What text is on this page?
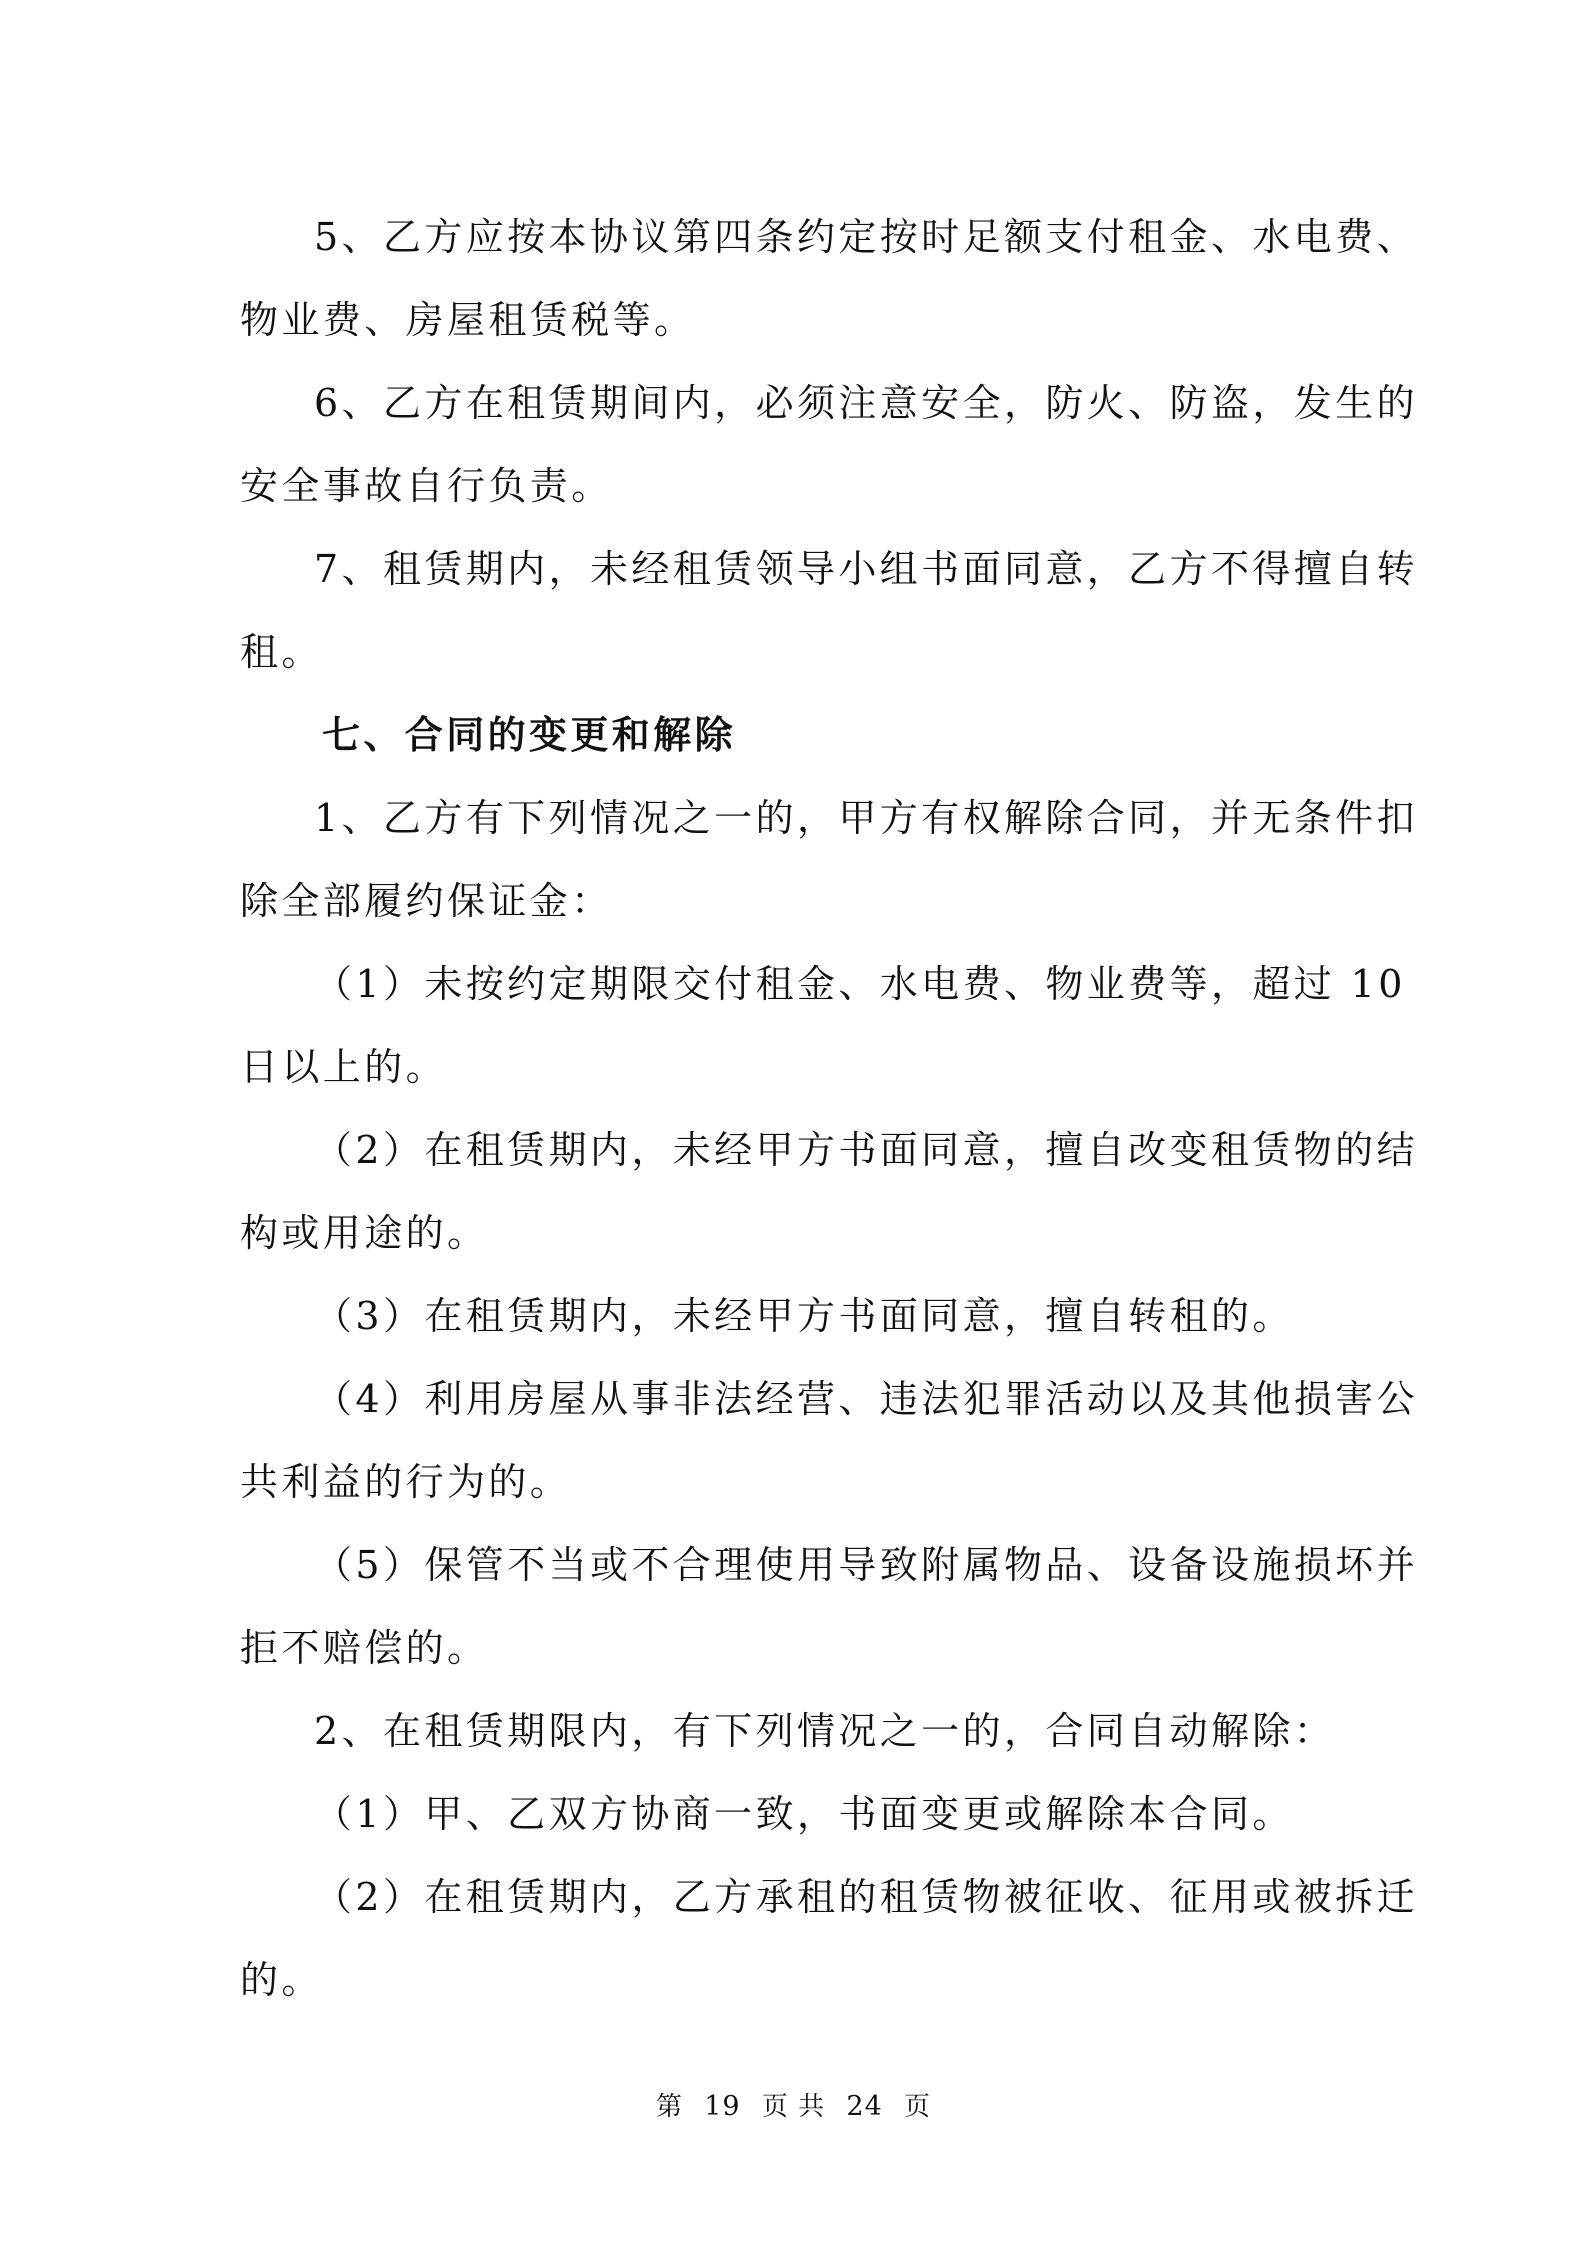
5、乙方应按本协议第四条约定按时足额支付租金、水电费、
物业费、房屋租赁税等。
6、乙方在租赁期间内，必须注意安全，防火、防盗，发生的
安全事故自行负责。
7、租赁期内，未经租赁领导小组书面同意，乙方不得擅自转
租。
七、合同的变更和解除
1、乙方有下列情况之一的，甲方有权解除合同，并无条件扣
除全部履约保证金：
（1）未按约定期限交付租金、水电费、物业费等，超过 10
日以上的。
（2）在租赁期内，未经甲方书面同意，擅自改变租赁物的结
构或用途的。
（3）在租赁期内，未经甲方书面同意，擅自转租的。
（4）利用房屋从事非法经营、违法犯罪活动以及其他损害公
共利益的行为的。
（5）保管不当或不合理使用导致附属物品、设备设施损坏并
拒不赔偿的。
2、在租赁期限内，有下列情况之一的，合同自动解除：
（1）甲、乙双方协商一致，书面变更或解除本合同。
（2）在租赁期内，乙方承租的租赁物被征收、征用或被拆迁
的。
第 19 页 共 24 页
